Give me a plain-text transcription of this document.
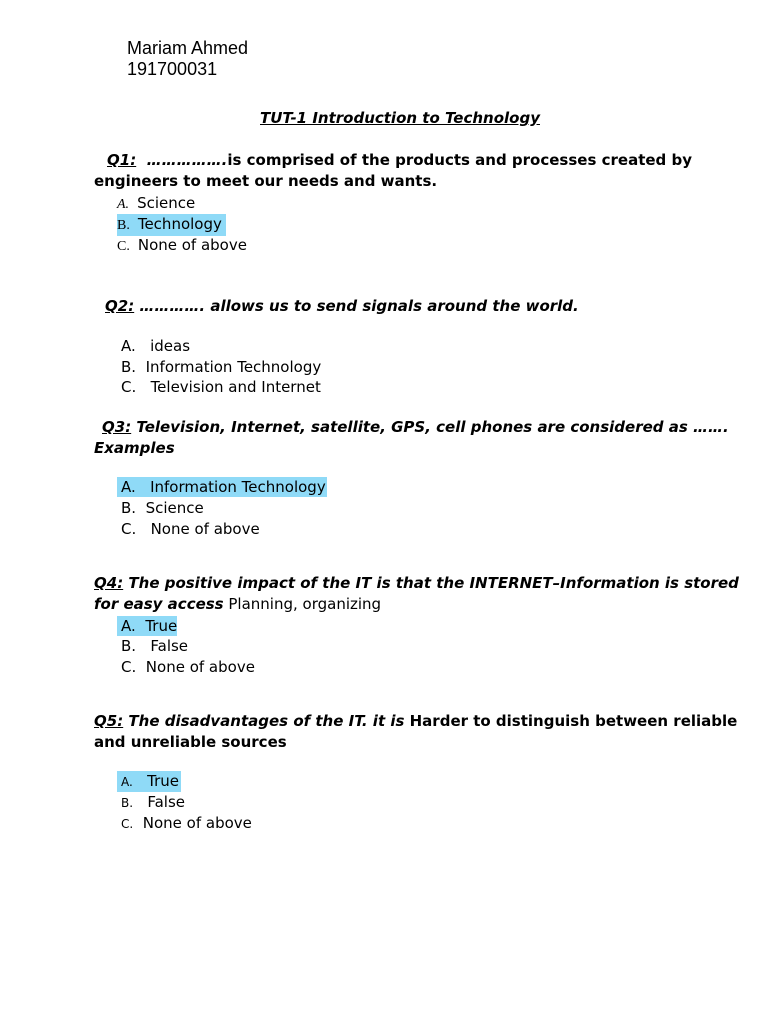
Mariam Ahmed
191700031
TUT-1 Introduction to Technology
Q1: …………….is comprised of the products and processes created by
engineers to meet our needs and wants.
A. Science
B. Technology
C. None of above
Q2: …………. allows us to send signals around the world.
A. ideas
B. Information Technology
C. Television and Internet
Q3: Television, Internet, satellite, GPS, cell phones are considered as …….
Examples
A. Information Technology
B. Science
C. None of above
Q4: The positive impact of the IT is that the INTERNET–Information is stored
for easy access Planning, organizing
A. True
B. False
C. None of above
Q5: The disadvantages of the IT. it is Harder to distinguish between reliable
and unreliable sources
A. True
B. False
C. None of above
